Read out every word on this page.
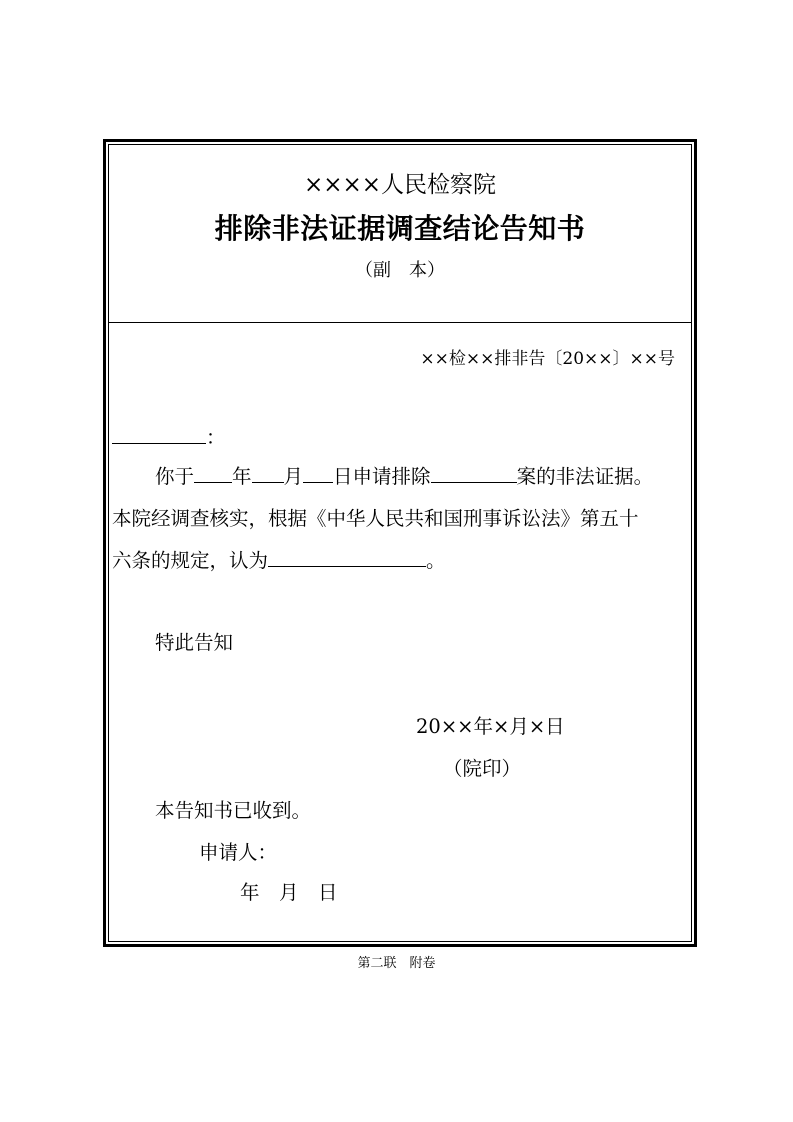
××××人民检察院
排除非法证据调查结论告知书
（副　本）
××检××排非告〔20××〕××号
：
你于 年 月 日申请排除	案的非法证据。
本院经调查核实，根据《中华人民共和国刑事诉讼法》第五十
六条的规定，认为	。
特此告知
20××年×月×日
（院印）
本告知书已收到。
申请人：
年　月　日
第二联　附卷
